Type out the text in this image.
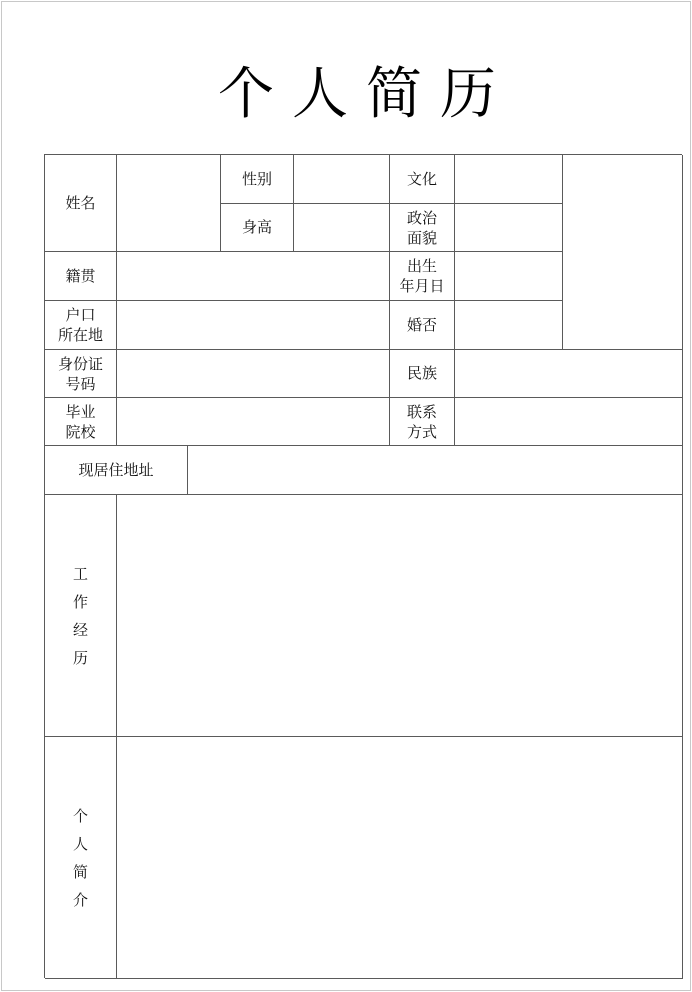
个人简历
姓名
性别	文化
身高
政治
面貌
籍贯
出生
年月日
户口
所在地
婚否
身份证
号码
民族
毕业
院校
联系
方式
现居住地址
工
作
经
历
个
人
简
介
